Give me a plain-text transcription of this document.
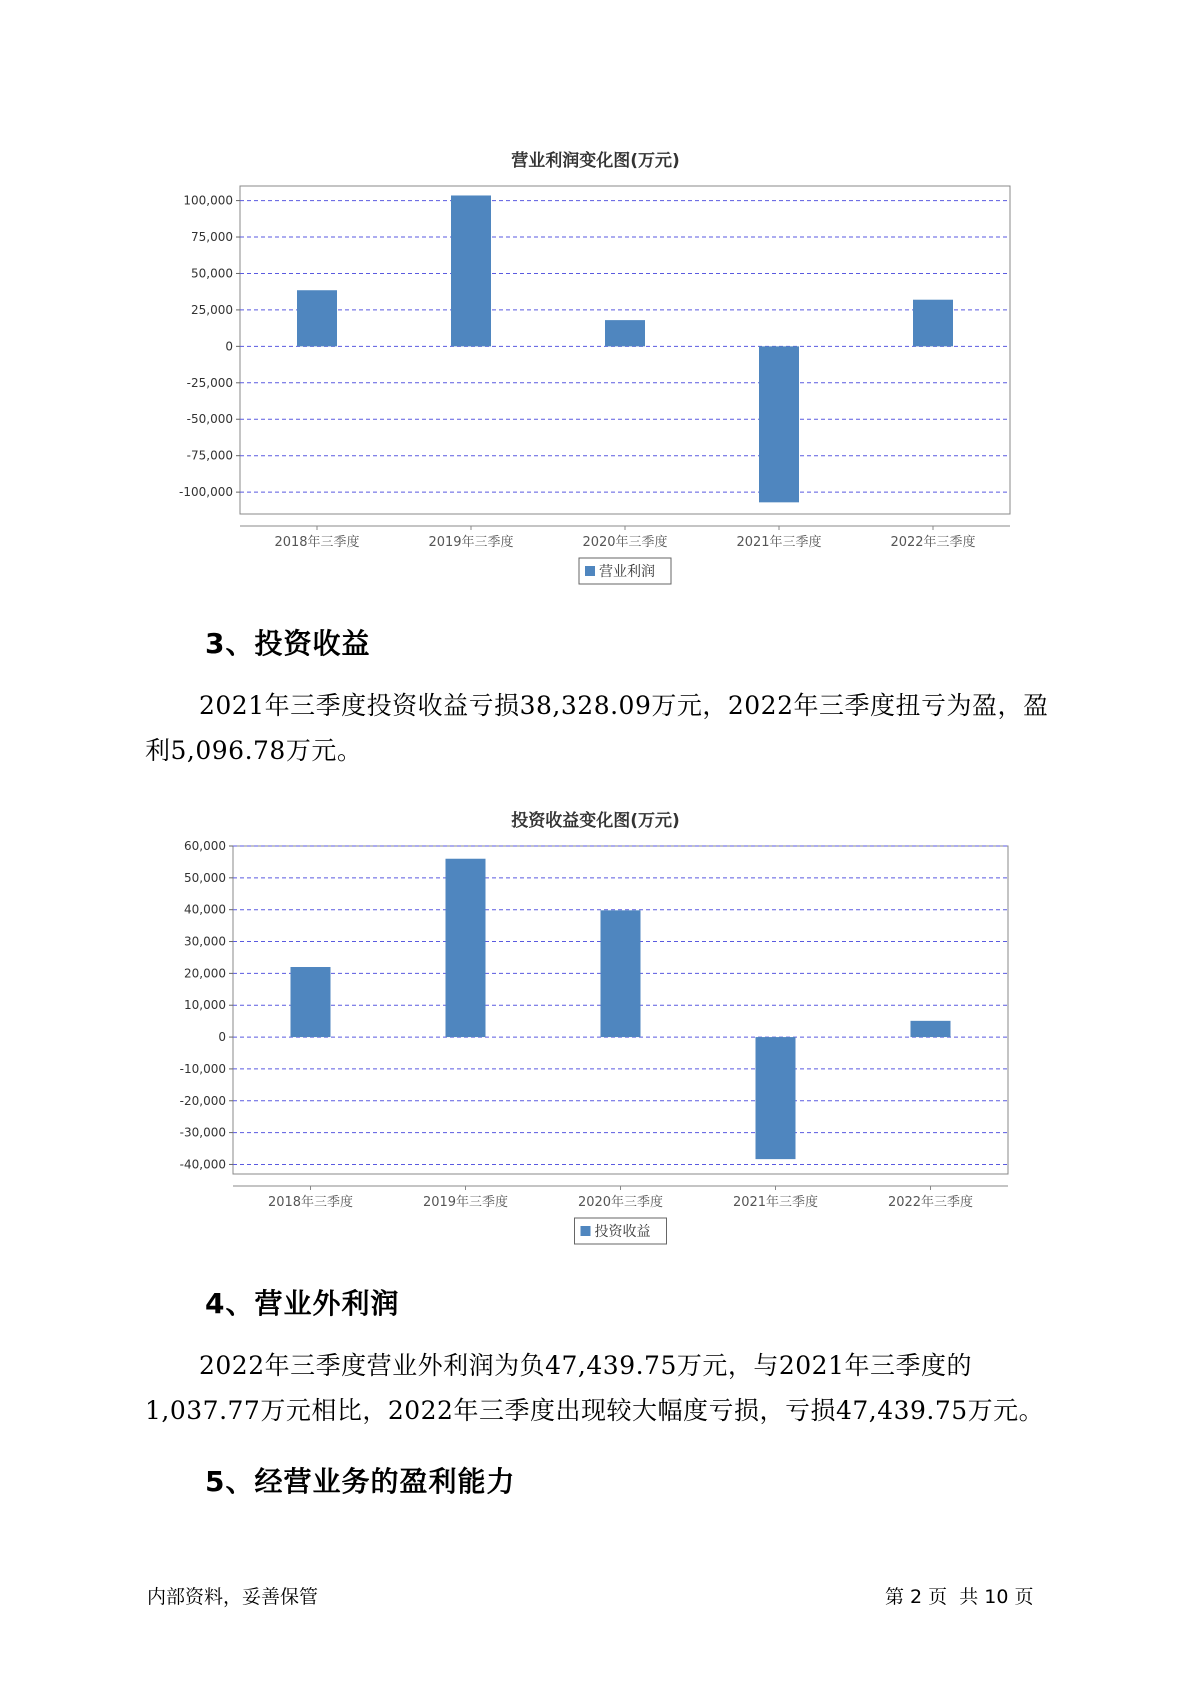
营业利润变化图(万元)
100,000
75,000
50,000
25,000
0
-25,000
-50,000
-75,000
-100,000
2018年三季度	2019年三季度	2020年三季度	2021年三季度	2022年三季度
营业利润
3、投资收益
2021年三季度投资收益亏损38,328.09万元，2022年三季度扭亏为盈，盈利5,096.78万元。
投资收益变化图(万元)
60,000
50,000
40,000
30,000
20,000
10,000
0
-10,000
-20,000
-30,000
-40,000
2018年三季度	2019年三季度	2020年三季度	2021年三季度	2022年三季度
投资收益
4、营业外利润
2022年三季度营业外利润为负47,439.75万元，与2021年三季度的1,037.77万元相比，2022年三季度出现较大幅度亏损，亏损47,439.75万元。
5、经营业务的盈利能力
内部资料，妥善保管	第 2 页  共 10 页
